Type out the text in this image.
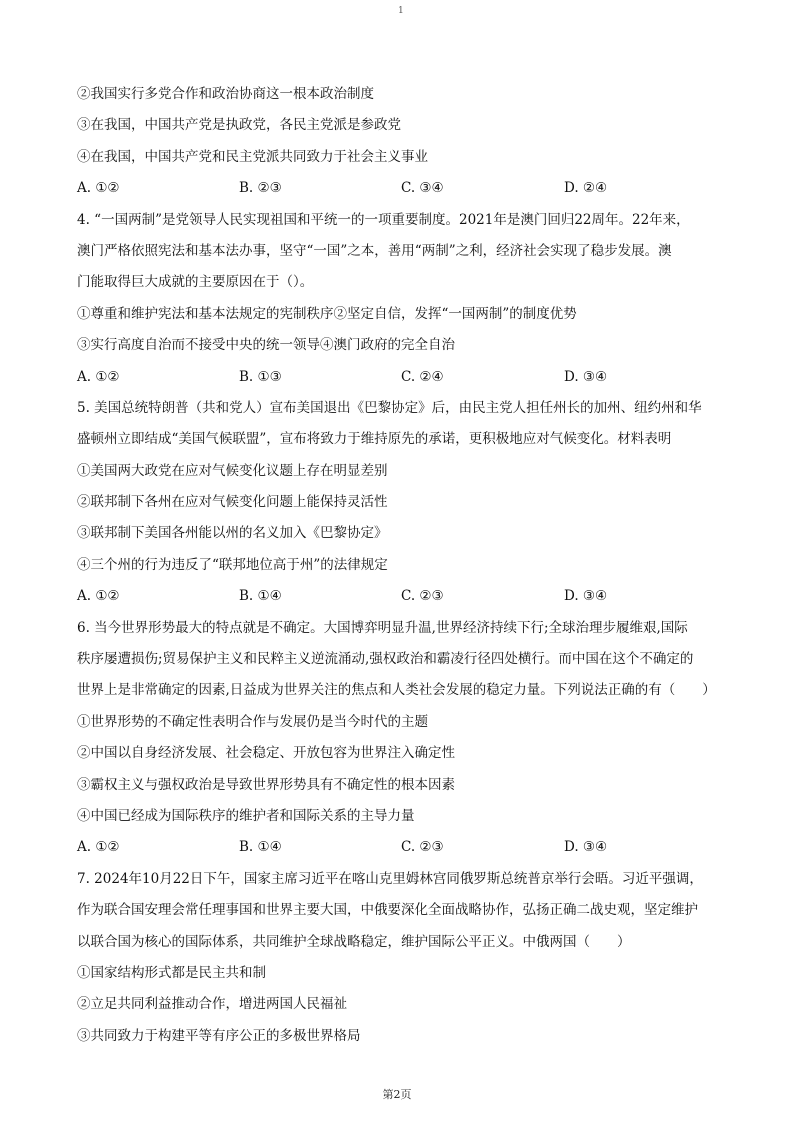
1
②我国实行多党合作和政治协商这一根本政治制度
③在我国，中国共产党是执政党，各民主党派是参政党
④在我国，中国共产党和民主党派共同致力于社会主义事业
A. ①②	B. ②③	C. ③④	D. ②④
4. “一国两制”是党领导人民实现祖国和平统一的一项重要制度。2021年是澳门回归22周年。22年来，
澳门严格依照宪法和基本法办事，坚守“一国”之本，善用“两制”之利，经济社会实现了稳步发展。澳
门能取得巨大成就的主要原因在于（）。
①尊重和维护宪法和基本法规定的宪制秩序②坚定自信，发挥“一国两制”的制度优势
③实行高度自治而不接受中央的统一领导④澳门政府的完全自治
A. ①②	B. ①③	C. ②④	D. ③④
5. 美国总统特朗普（共和党人）宣布美国退出《巴黎协定》后，由民主党人担任州长的加州、纽约州和华
盛顿州立即结成“美国气候联盟”，宣布将致力于维持原先的承诺，更积极地应对气候变化。材料表明
①美国两大政党在应对气候变化议题上存在明显差别
②联邦制下各州在应对气候变化问题上能保持灵活性
③联邦制下美国各州能以州的名义加入《巴黎协定》
④三个州的行为违反了“联邦地位高于州”的法律规定
A. ①②	B. ①④	C. ②③	D. ③④
6. 当今世界形势最大的特点就是不确定。大国博弈明显升温,世界经济持续下行;全球治理步履维艰,国际
秩序屡遭损伤;贸易保护主义和民粹主义逆流涌动,强权政治和霸凌行径四处横行。而中国在这个不确定的
世界上是非常确定的因素,日益成为世界关注的焦点和人类社会发展的稳定力量。下列说法正确的有（　　）
①世界形势的不确定性表明合作与发展仍是当今时代的主题
②中国以自身经济发展、社会稳定、开放包容为世界注入确定性
③霸权主义与强权政治是导致世界形势具有不确定性的根本因素
④中国已经成为国际秩序的维护者和国际关系的主导力量
A. ①②	B. ①④	C. ②③	D. ③④
7. 2024年10月22日下午，国家主席习近平在喀山克里姆林宫同俄罗斯总统普京举行会晤。习近平强调，
作为联合国安理会常任理事国和世界主要大国，中俄要深化全面战略协作，弘扬正确二战史观，坚定维护
以联合国为核心的国际体系，共同维护全球战略稳定，维护国际公平正义。中俄两国（　　）
①国家结构形式都是民主共和制
②立足共同利益推动合作，增进两国人民福祉
③共同致力于构建平等有序公正的多极世界格局
第2页
